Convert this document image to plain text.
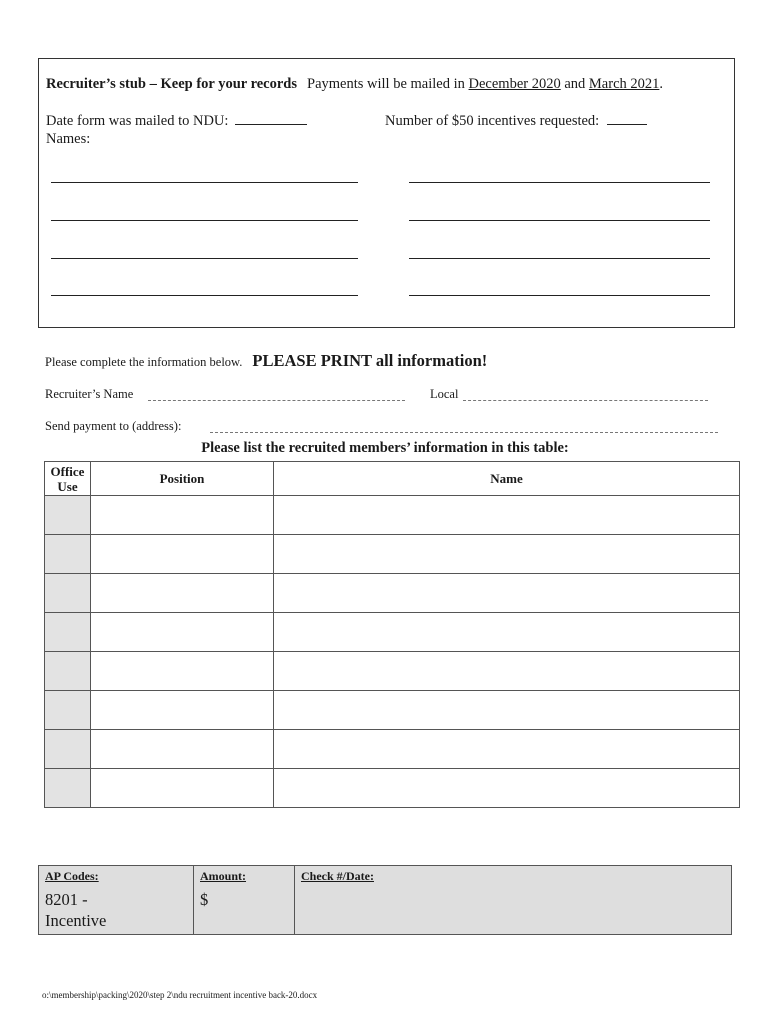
Recruiter’s stub – Keep for your records Payments will be mailed in December 2020 and March 2021.
Date form was mailed to NDU:
Names:
Number of $50 incentives requested:
Please complete the information below. PLEASE PRINT all information!
Recruiter’s Name	Local
Send payment to (address):
Please list the recruited members’ information in this table:
Office Use	Position	Name

AP Codes:
8201 - Incentive

Amount:
$

Check #/Date:
o:\membership\packing\2020\step 2\ndu recruitment incentive back-20.docx
